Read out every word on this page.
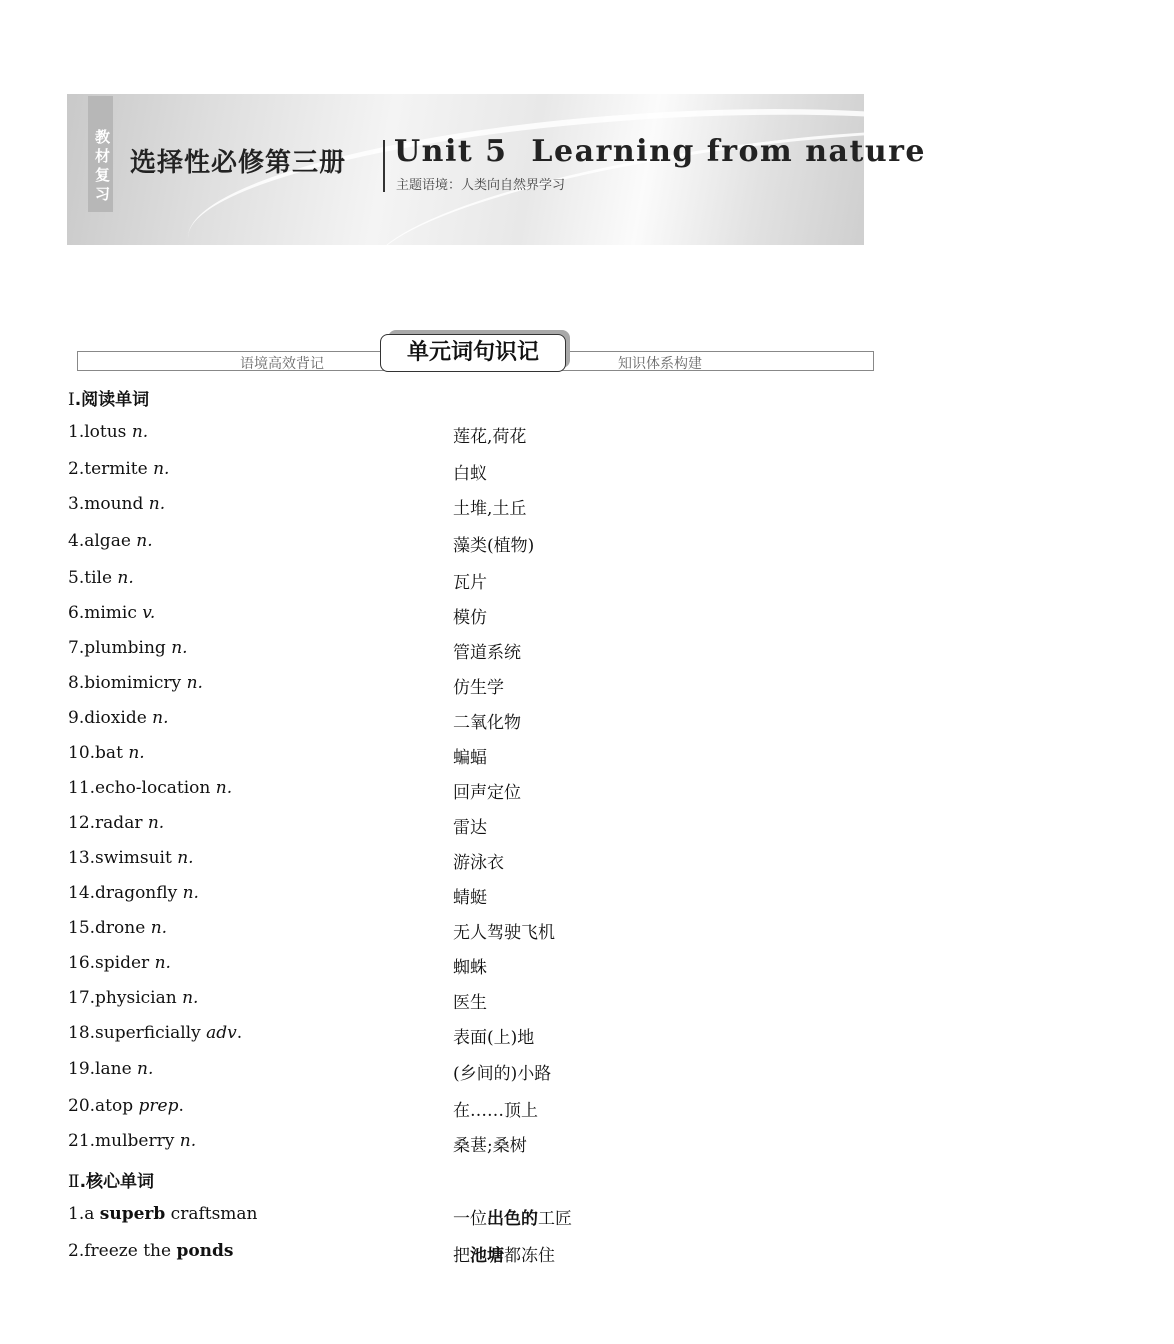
教材复习 选择性必修第三册 Unit 5  Learning from nature
主题语境：人类向自然界学习
语境高效背记	知识体系构建
单元词句识记
Ⅰ.阅读单词
1.lotus n.	莲花,荷花
2.termite n.	白蚁
3.mound n.	土堆,土丘
4.algae n.	藻类(植物)
5.tile n.	瓦片
6.mimic v.	模仿
7.plumbing n.	管道系统
8.biomimicry n.	仿生学
9.dioxide n.	二氧化物
10.bat n.	蝙蝠
11.echo-location n.	回声定位
12.radar n.	雷达
13.swimsuit n.	游泳衣
14.dragonfly n.	蜻蜓
15.drone n.	无人驾驶飞机
16.spider n.	蜘蛛
17.physician n.	医生
18.superficially adv.	表面(上)地
19.lane n.	(乡间的)小路
20.atop prep.	在……顶上
21.mulberry n.	桑葚;桑树
Ⅱ.核心单词
1.a superb craftsman	一位出色的工匠
2.freeze the ponds	把池塘都冻住
